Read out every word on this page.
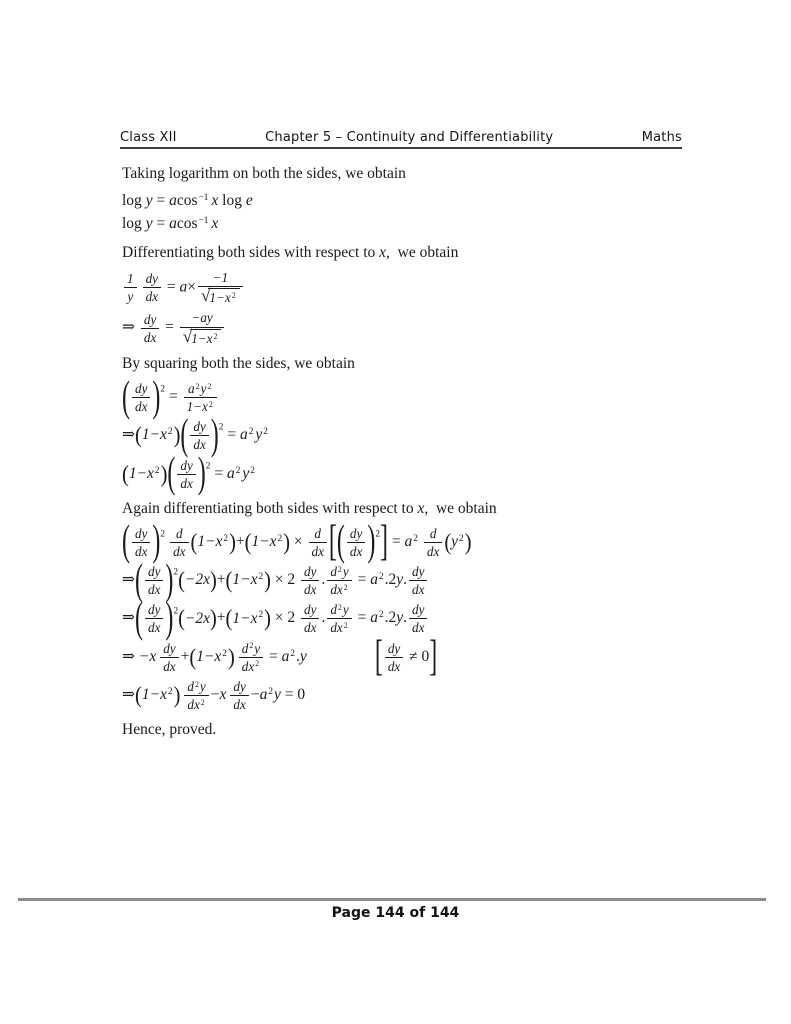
Class XII	Chapter 5 – Continuity and Differentiability	Maths
Taking logarithm on both the sides, we obtain
log y = acos$^{-1}$ x log e
log y = acos$^{-1}$ x
Differentiating both sides with respect to x,  we obtain
$\frac{1}{y} \frac{dy}{dx} = a\times \frac{-1}{√ 1-x^2}$
⇒ $\frac{dy}{dx} = \frac{-ay}{√ 1-x^2}$
By squaring both the sides, we obtain
( $\frac{dy}{dx} )^2 = \frac{a^2y^2}{1-x^2}$
$\Rightarrow(1-x^2)( \frac{dy}{dx} )^2 = a^2$ $y^2$
$(1-x^2)( \frac{dy}{dx} )^2 = a^2$ $y^2$
Again differentiating both sides with respect to x,  we obtain
( $\frac{dy}{dx} )^2 \frac{d}{dx} (1-x^2)+(1-x^2) \times \frac{d}{dx}$ [( $\frac{dy}{dx} )^2] = a^2 \frac{d}{dx} (y^2)$
⇒( $\frac{dy}{dx} )^2(-2x)+(1-x^2) \times 2 \frac{dy}{dx}$ . $\frac{d^2y}{dx^2} = a^2.2y$. $\frac{dy}{dx}$
⇒( $\frac{dy}{dx} )^2(-2x)+(1-x^2) \times 2 \frac{dy}{dx}$ . $\frac{d^2y}{dx^2} = a^2.2y$. $\frac{dy}{dx}$
⇒ $-x \frac{dy}{dx} +(1-x^2) \frac{d^2y}{dx^2} = a^2.y$	[ $\frac{dy}{dx} \ne 0$]
$\Rightarrow(1-x^2) \frac{d^2y}{dx^2} -x \frac{dy}{dx} -a^2y = 0$
Hence, proved.
Page 144 of 144
